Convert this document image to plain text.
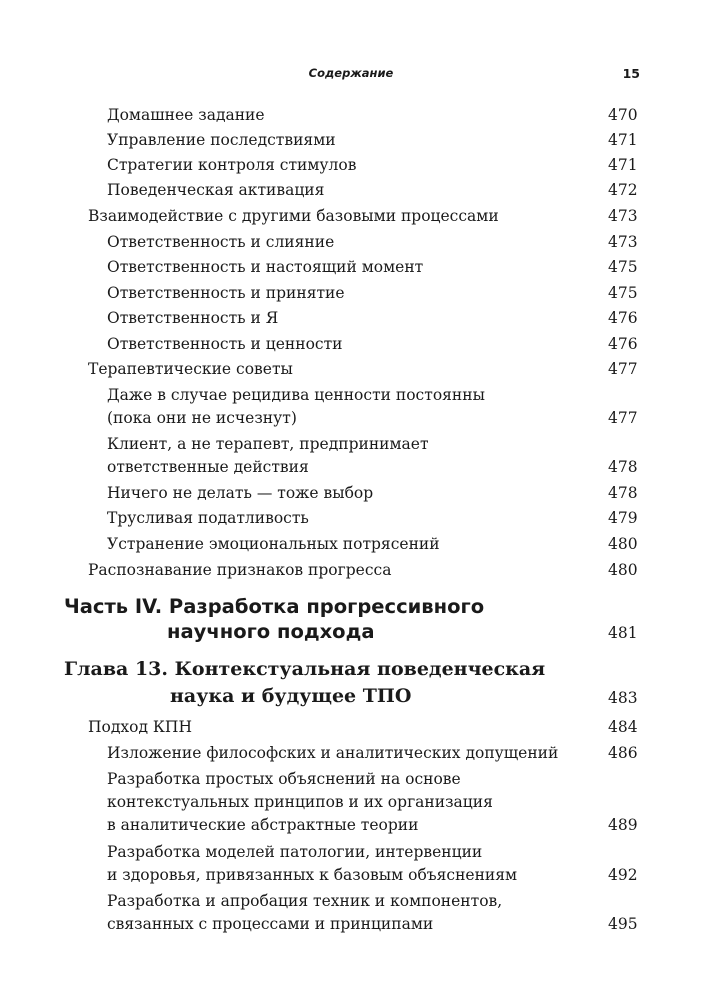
Содержание	15
Домашнее задание	470
Управление последствиями	471
Стратегии контроля стимулов	471
Поведенческая активация	472
Взаимодействие с другими базовыми процессами	473
Ответственность и слияние	473
Ответственность и настоящий момент	475
Ответственность и принятие	475
Ответственность и Я	476
Ответственность и ценности	476
Терапевтические советы	477
Даже в случае рецидива ценности постоянны
(пока они не исчезнут)	477
Клиент, а не терапевт, предпринимает
ответственные действия	478
Ничего не делать — тоже выбор	478
Трусливая податливость	479
Устранение эмоциональных потрясений	480
Распознавание признаков прогресса	480
Часть IV. Разработка прогрессивного
научного подхода	481
Глава 13. Контекстуальная поведенческая
наука и будущее ТПО	483
Подход КПН	484
Изложение философских и аналитических допущений	486
Разработка простых объяснений на основе
контекстуальных принципов и их организация
в аналитические абстрактные теории	489
Разработка моделей патологии, интервенции
и здоровья, привязанных к базовым объяснениям	492
Разработка и апробация техник и компонентов,
связанных с процессами и принципами	495
